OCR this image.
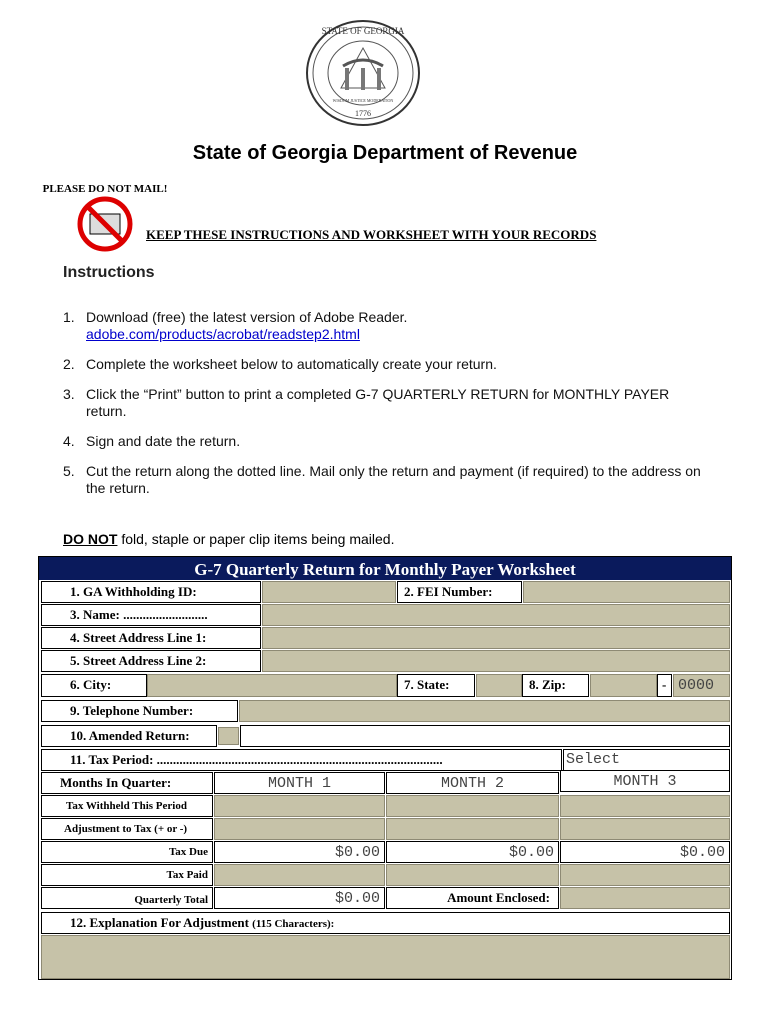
STATE OF GEORGIA
1776
WISDOM JUSTICE MODERATION
State of Georgia Department of Revenue
PLEASE DO NOT MAIL!
KEEP THESE INSTRUCTIONS AND WORKSHEET WITH YOUR RECORDS
Instructions
1. Download (free) the latest version of Adobe Reader.
adobe.com/products/acrobat/readstep2.html
2. Complete the worksheet below to automatically create your return.
3. Click the “Print” button to print a completed G-7 QUARTERLY RETURN for MONTHLY PAYER return.
4. Sign and date the return.
5. Cut the return along the dotted line. Mail only the return and payment (if required) to the address on the return.
DO NOT fold, staple or paper clip items being mailed.
G-7 Quarterly Return for Monthly Payer Worksheet
1. GA Withholding ID:	2. FEI Number:
3. Name: ..........................
4. Street Address Line 1:
5. Street Address Line 2:
6. City:	7. State:	8. Zip:	- 0000
9. Telephone Number:
10. Amended Return:
11. Tax Period: ........................................................................................	Select
Months In Quarter:	MONTH 1	MONTH 2	MONTH 3
Tax Withheld This Period
Adjustment to Tax (+ or -)
Tax Due	$0.00	$0.00	$0.00
Tax Paid
Quarterly Total	$0.00	Amount Enclosed:
12. Explanation For Adjustment (115 Characters):
